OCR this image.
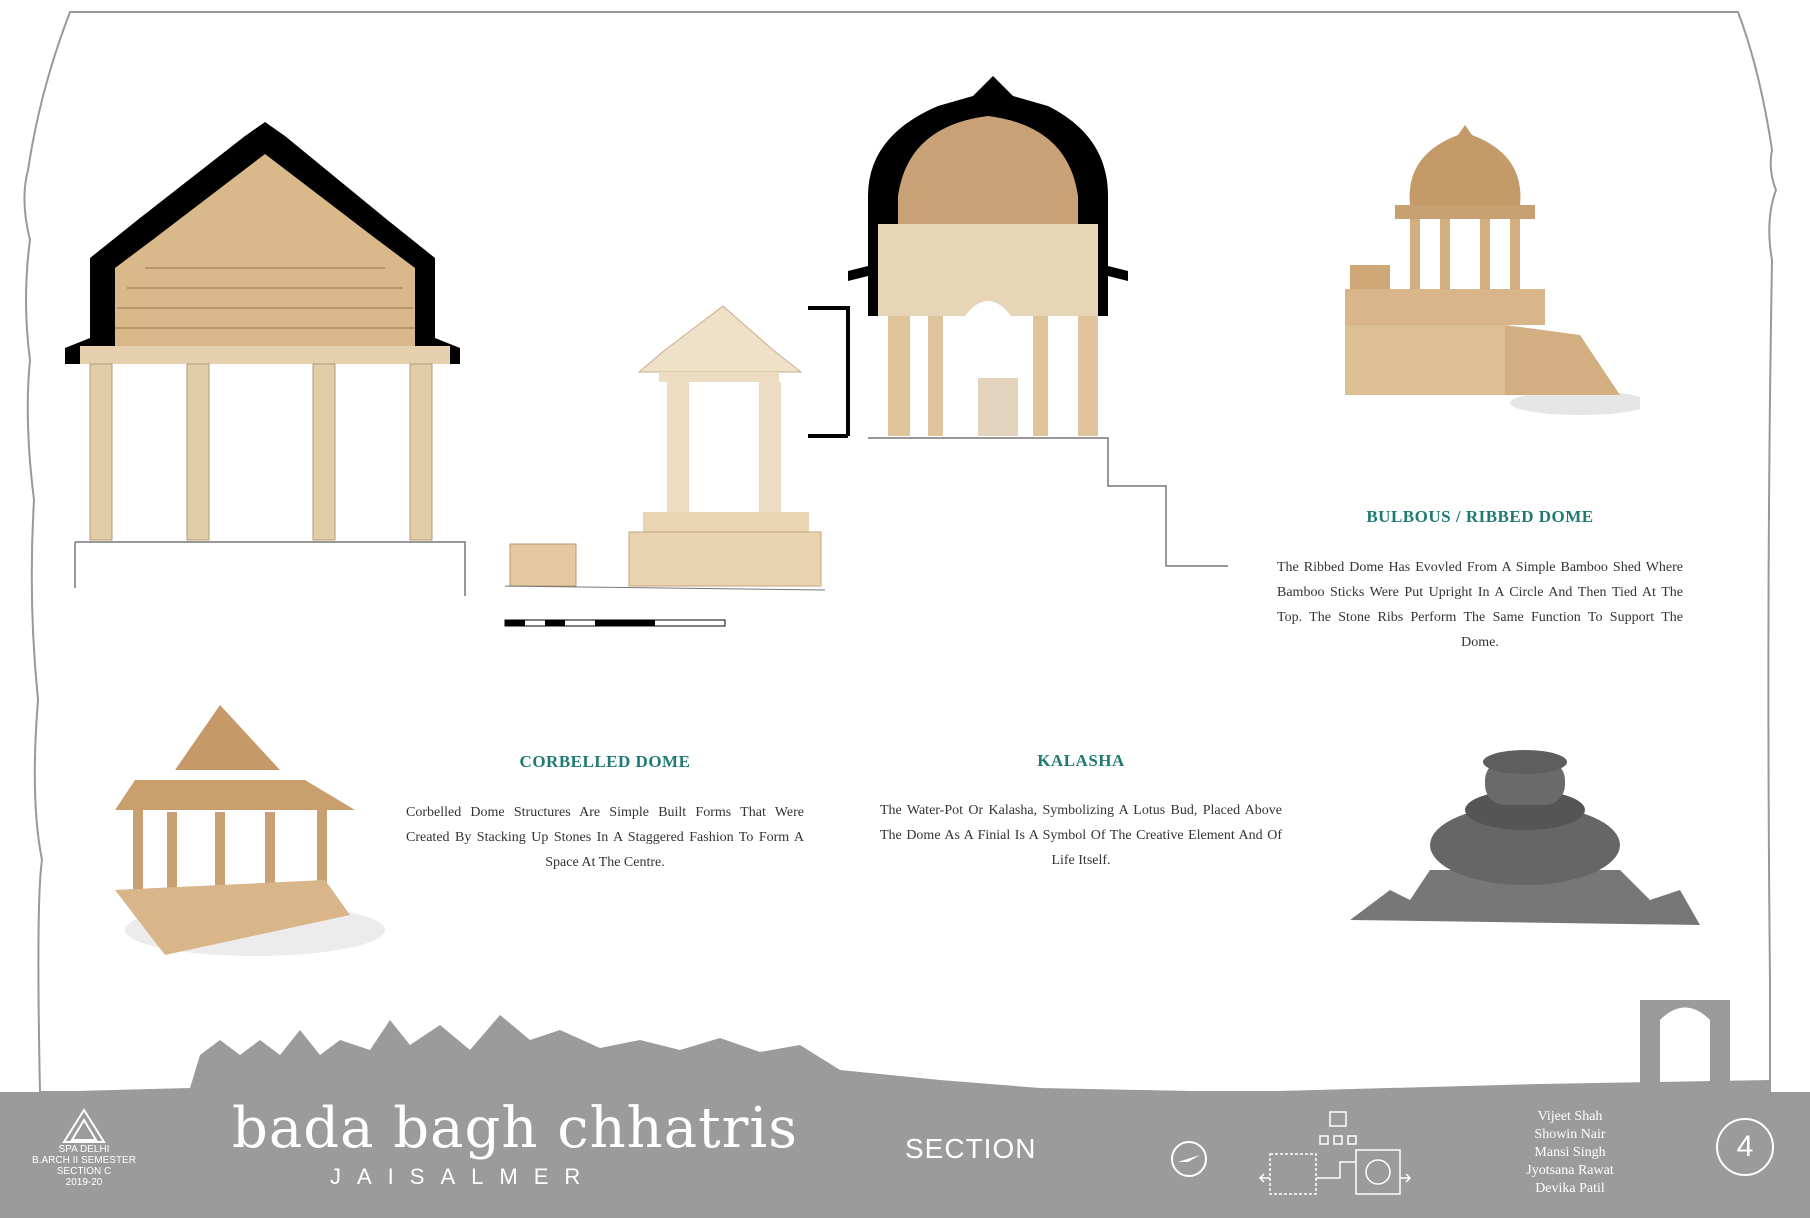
BULBOUS / RIBBED DOME
The Ribbed Dome Has Evovled From A Simple Bamboo Shed Where Bamboo Sticks Were Put Upright In A Circle And Then Tied At The Top. The Stone Ribs Perform The Same Function To Support The Dome.
CORBELLED DOME
Corbelled Dome Structures Are Simple Built Forms That Were Created By Stacking Up Stones In A Staggered Fashion To Form A Space At The Centre.
KALASHA
The Water-Pot Or Kalasha, Symbolizing A Lotus Bud, Placed Above The Dome As A Finial Is A Symbol Of The Creative Element And Of Life Itself.
SPA DELHI
B.ARCH II SEMESTER
SECTION C
2019-20
bada bagh chhatris
JAISALMER
SECTION
Vijeet Shah
Showin Nair
Mansi Singh
Jyotsana Rawat
Devika Patil
4
